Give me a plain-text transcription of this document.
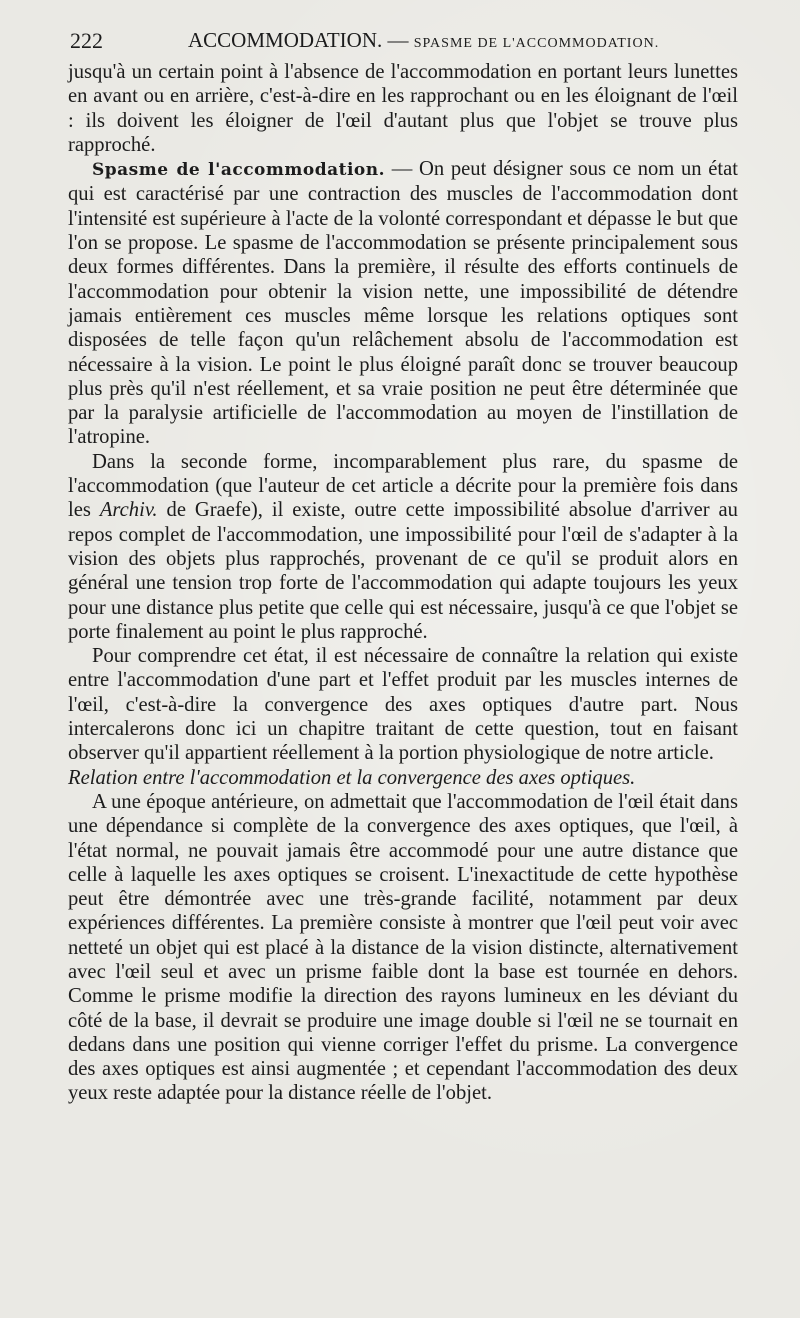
222	ACCOMMODATION. — SPASME DE L'ACCOMMODATION.

jusqu'à un certain point à l'absence de l'accommodation en portant leurs lunettes en avant ou en arrière, c'est-à-dire en les rapprochant ou en les éloignant de l'œil : ils doivent les éloigner de l'œil d'autant plus que l'objet se trouve plus rapproché.

Spasme de l'accommodation. — On peut désigner sous ce nom un état qui est caractérisé par une contraction des muscles de l'accommodation dont l'intensité est supérieure à l'acte de la volonté correspondant et dépasse le but que l'on se propose. Le spasme de l'accommodation se présente principalement sous deux formes différentes. Dans la première, il résulte des efforts continuels de l'accommodation pour obtenir la vision nette, une impossibilité de détendre jamais entièrement ces muscles même lorsque les relations optiques sont disposées de telle façon qu'un relâchement absolu de l'accommodation est nécessaire à la vision. Le point le plus éloigné paraît donc se trouver beaucoup plus près qu'il n'est réellement, et sa vraie position ne peut être déterminée que par la paralysie artificielle de l'accommodation au moyen de l'instillation de l'atropine.

Dans la seconde forme, incomparablement plus rare, du spasme de l'accommodation (que l'auteur de cet article a décrite pour la première fois dans les Archiv. de Graefe), il existe, outre cette impossibilité absolue d'arriver au repos complet de l'accommodation, une impossibilité pour l'œil de s'adapter à la vision des objets plus rapprochés, provenant de ce qu'il se produit alors en général une tension trop forte de l'accommodation qui adapte toujours les yeux pour une distance plus petite que celle qui est nécessaire, jusqu'à ce que l'objet se porte finalement au point le plus rapproché.

Pour comprendre cet état, il est nécessaire de connaître la relation qui existe entre l'accommodation d'une part et l'effet produit par les muscles internes de l'œil, c'est-à-dire la convergence des axes optiques d'autre part. Nous intercalerons donc ici un chapitre traitant de cette question, tout en faisant observer qu'il appartient réellement à la portion physiologique de notre article.

Relation entre l'accommodation et la convergence des axes optiques.

A une époque antérieure, on admettait que l'accommodation de l'œil était dans une dépendance si complète de la convergence des axes optiques, que l'œil, à l'état normal, ne pouvait jamais être accommodé pour une autre distance que celle à laquelle les axes optiques se croisent. L'inexactitude de cette hypothèse peut être démontrée avec une très-grande facilité, notamment par deux expériences différentes. La première consiste à montrer que l'œil peut voir avec netteté un objet qui est placé à la distance de la vision distincte, alternativement avec l'œil seul et avec un prisme faible dont la base est tournée en dehors. Comme le prisme modifie la direction des rayons lumineux en les déviant du côté de la base, il devrait se produire une image double si l'œil ne se tournait en dedans dans une position qui vienne corriger l'effet du prisme. La convergence des axes optiques est ainsi augmentée ; et cependant l'accommodation des deux yeux reste adaptée pour la distance réelle de l'objet.
